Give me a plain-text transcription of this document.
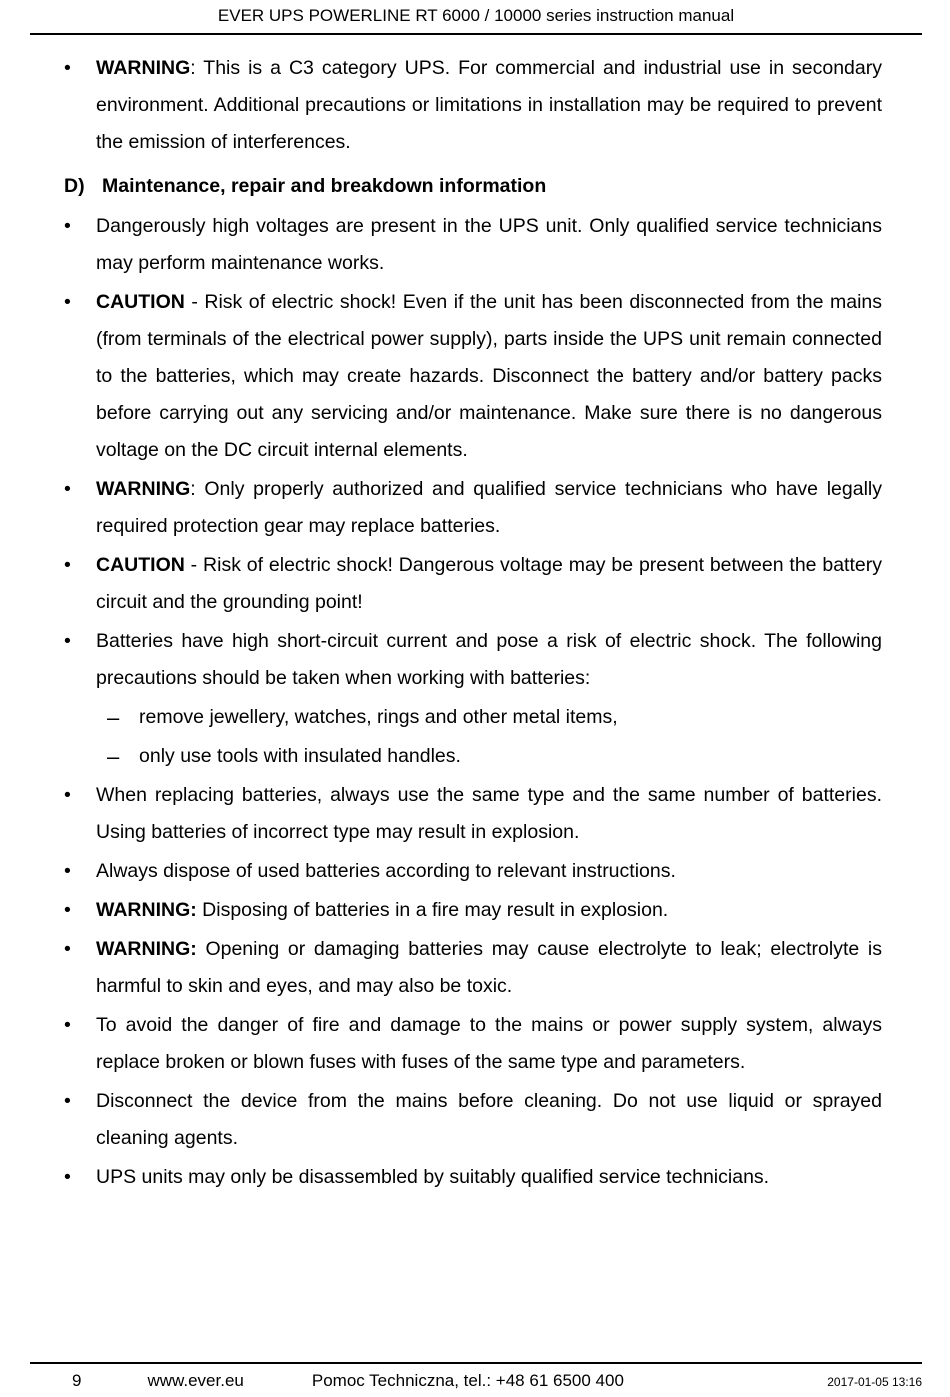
EVER UPS POWERLINE RT 6000 / 10000 series instruction manual
•	WARNING: This is a C3 category UPS. For commercial and industrial use in secondary environment. Additional precautions or limitations in installation may be required to prevent the emission of interferences.

D) Maintenance, repair and breakdown information
•	Dangerously high voltages are present in the UPS unit. Only qualified service technicians may perform maintenance works.

•	CAUTION - Risk of electric shock! Even if the unit has been disconnected from the mains (from terminals of the electrical power supply), parts inside the UPS unit remain connected to the batteries, which may create hazards. Disconnect the battery and/or battery packs before carrying out any servicing and/or maintenance. Make sure there is no dangerous voltage on the DC circuit internal elements.

•	WARNING: Only properly authorized and qualified service technicians who have legally required protection gear may replace batteries.

•	CAUTION - Risk of electric shock! Dangerous voltage may be present between the battery circuit and the grounding point!

•	Batteries have high short-circuit current and pose a risk of electric shock. The following precautions should be taken when working with batteries:

–	remove jewellery, watches, rings and other metal items,

–	only use tools with insulated handles.

•	When replacing batteries, always use the same type and the same number of batteries. Using batteries of incorrect type may result in explosion.

•	Always dispose of used batteries according to relevant instructions.

•	WARNING: Disposing of batteries in a fire may result in explosion.

•	WARNING: Opening or damaging batteries may cause electrolyte to leak; electrolyte is harmful to skin and eyes, and may also be toxic.

•	To avoid the danger of fire and damage to the mains or power supply system, always replace broken or blown fuses with fuses of the same type and parameters.

•	Disconnect the device from the mains before cleaning. Do not use liquid or sprayed cleaning agents.

•	UPS units may only be disassembled by suitably qualified service technicians.

9	www.ever.eu	Pomoc Techniczna, tel.: +48 61 6500 400	2017-01-05 13:16
